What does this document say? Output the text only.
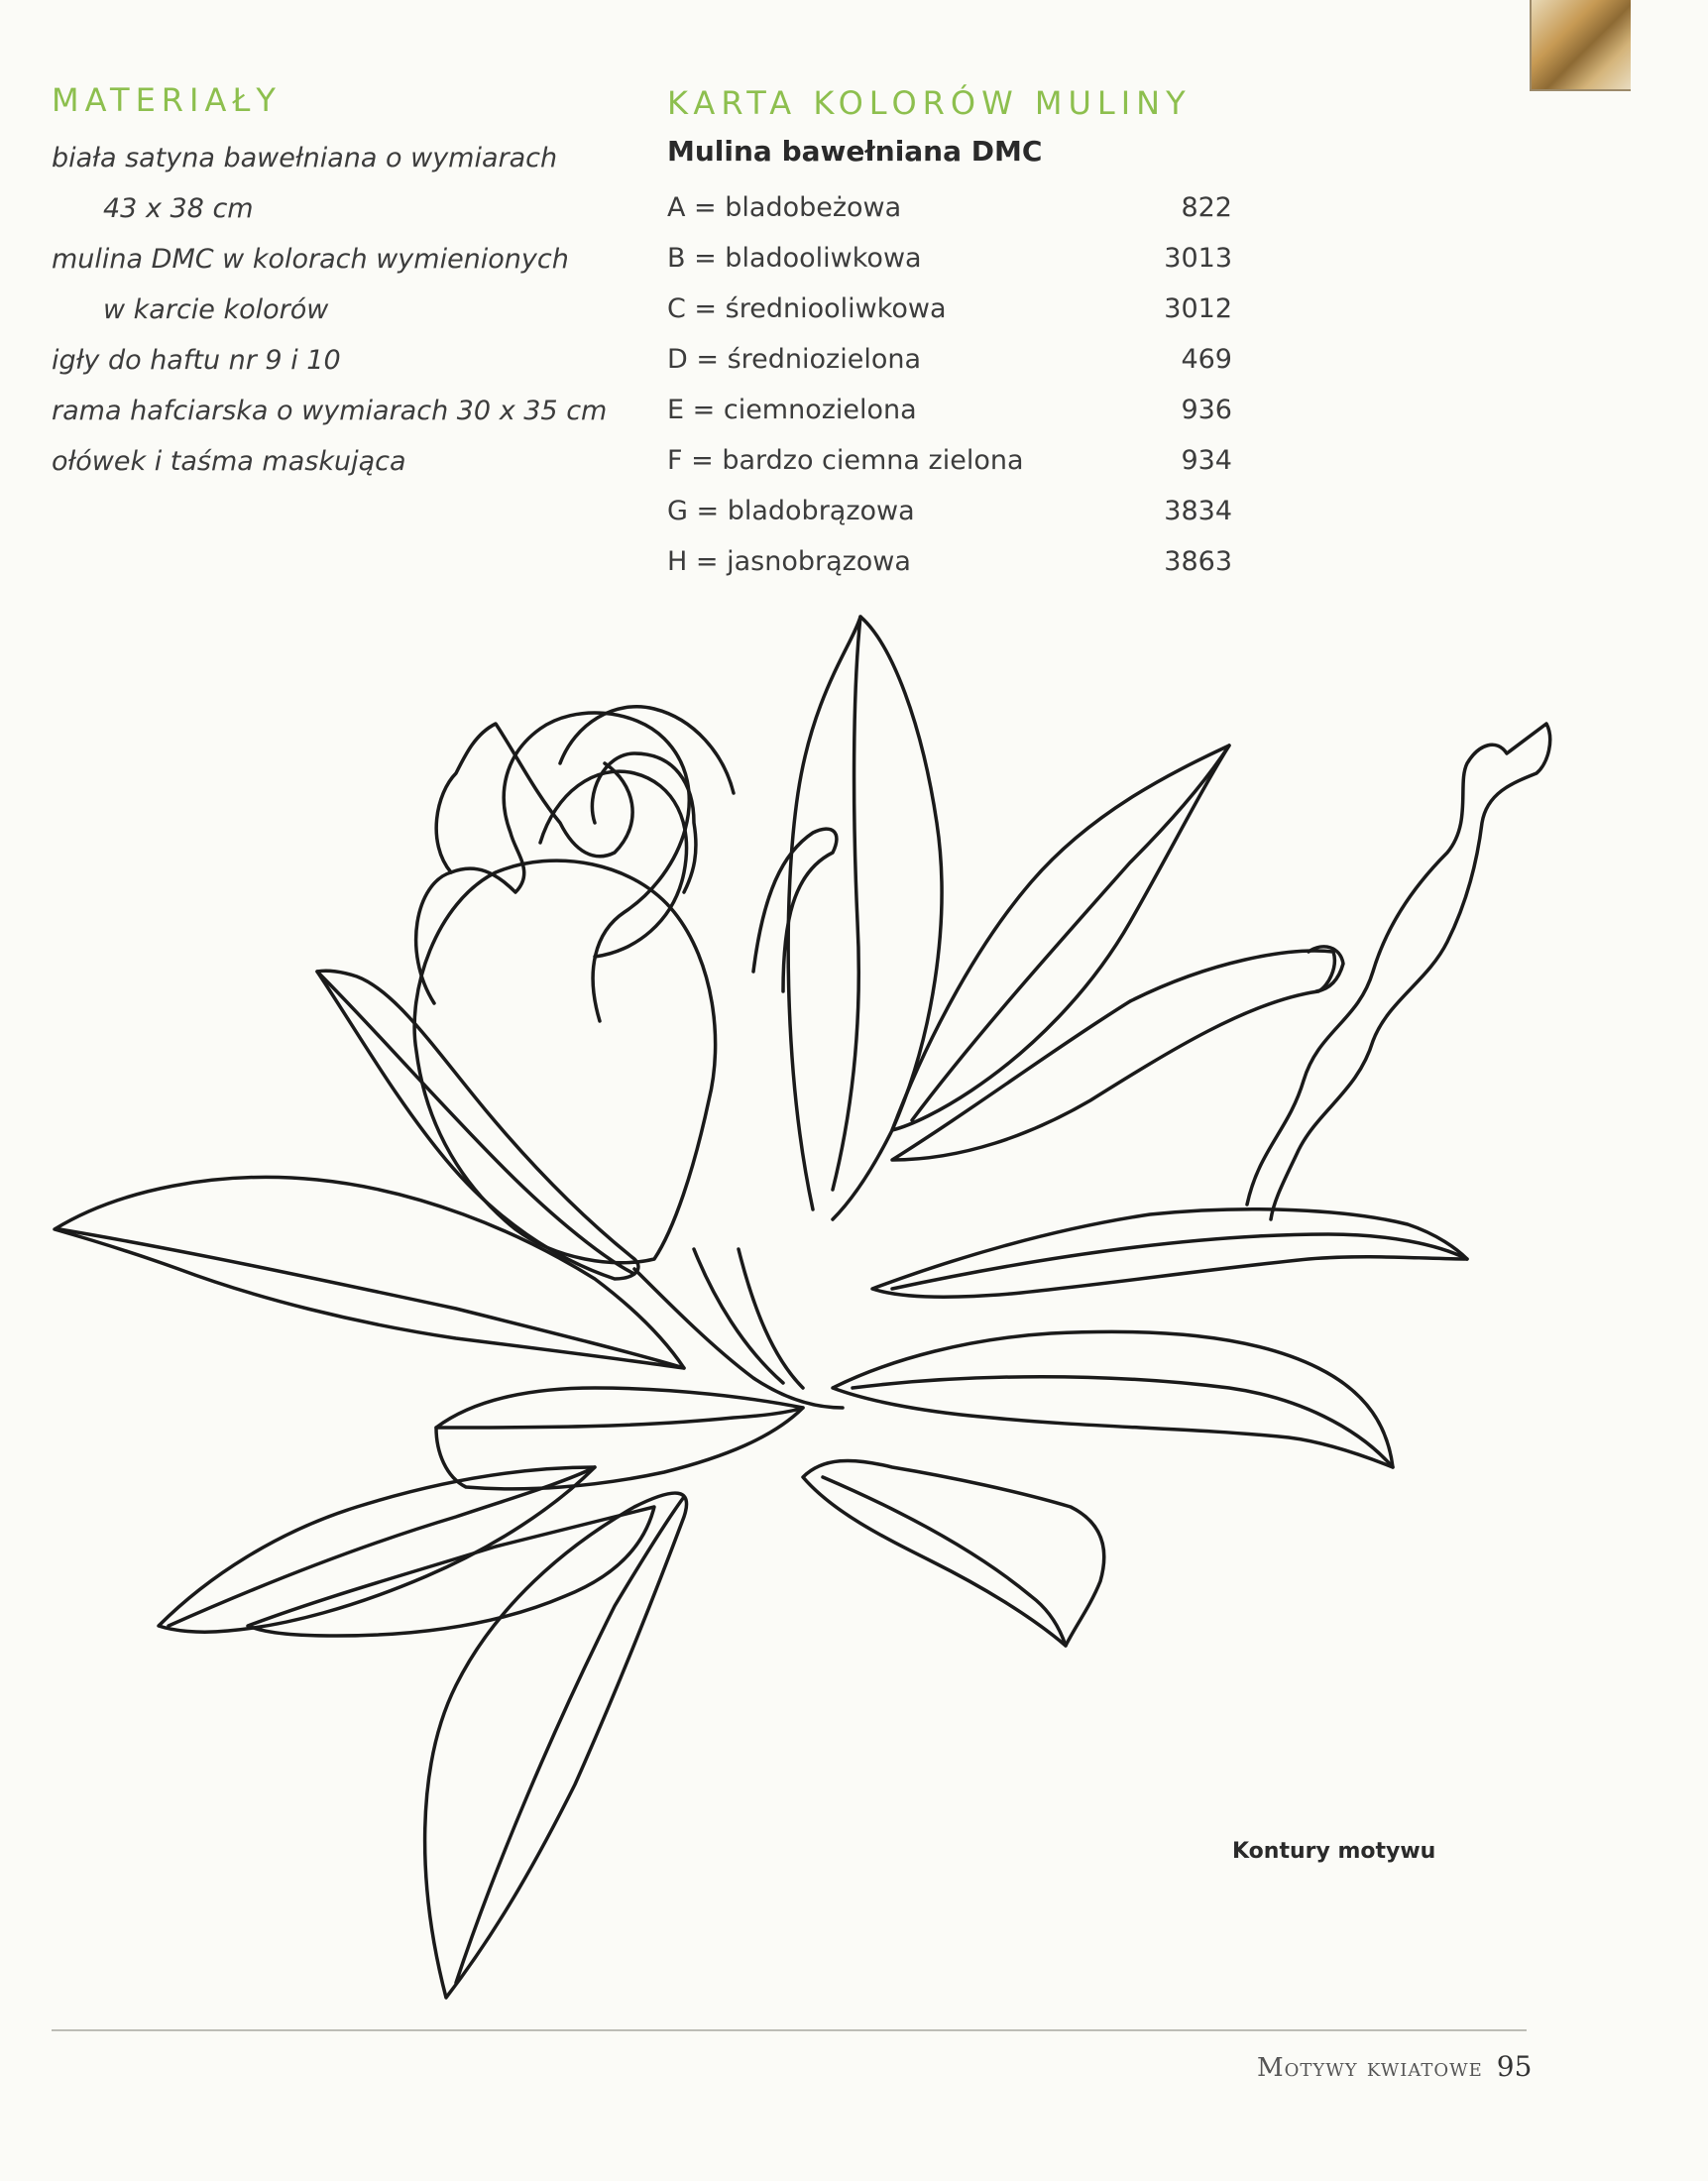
MATERIAŁY
biała satyna bawełniana o wymiarach
43 x 38 cm
mulina DMC w kolorach wymienionych
w karcie kolorów
igły do haftu nr 9 i 10
rama hafciarska o wymiarach 30 x 35 cm
ołówek i taśma maskująca
KARTA KOLORÓW MULINY
Mulina bawełniana DMC
A = bladobeżowa	822
B = bladooliwkowa	3013
C = średniooliwkowa	3012
D = średniozielona	469
E = ciemnozielona	936
F = bardzo ciemna zielona	934
G = bladobrązowa	3834
H = jasnobrązowa	3863
Kontury motywu
Motywy kwiatowe 95
